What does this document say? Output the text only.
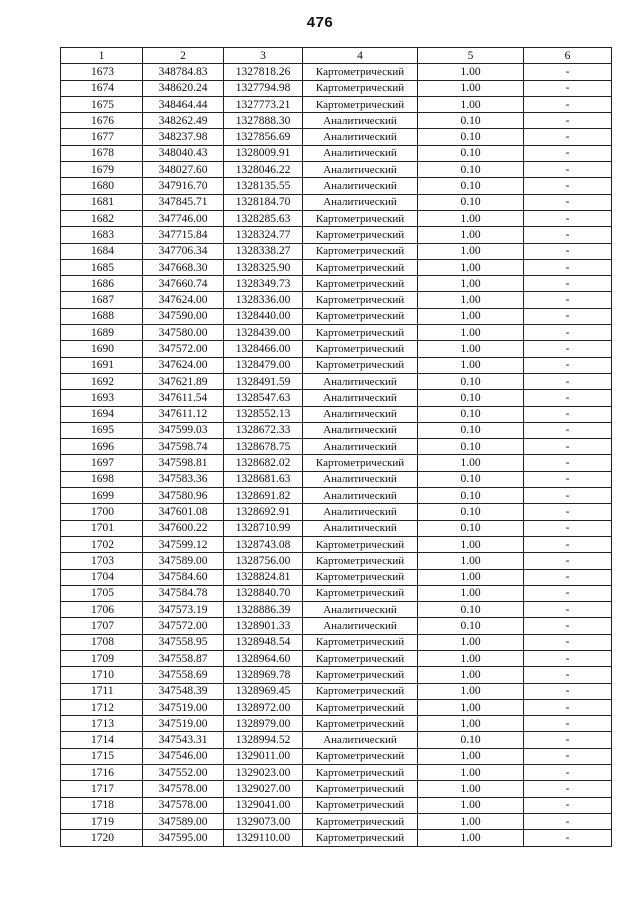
476
1	2	3	4	5	6
1673	348784.83	1327818.26	Картометрический	1.00	-
1674	348620.24	1327794.98	Картометрический	1.00	-
1675	348464.44	1327773.21	Картометрический	1.00	-
1676	348262.49	1327888.30	Аналитический	0.10	-
1677	348237.98	1327856.69	Аналитический	0.10	-
1678	348040.43	1328009.91	Аналитический	0.10	-
1679	348027.60	1328046.22	Аналитический	0.10	-
1680	347916.70	1328135.55	Аналитический	0.10	-
1681	347845.71	1328184.70	Аналитический	0.10	-
1682	347746.00	1328285.63	Картометрический	1.00	-
1683	347715.84	1328324.77	Картометрический	1.00	-
1684	347706.34	1328338.27	Картометрический	1.00	-
1685	347668.30	1328325.90	Картометрический	1.00	-
1686	347660.74	1328349.73	Картометрический	1.00	-
1687	347624.00	1328336.00	Картометрический	1.00	-
1688	347590.00	1328440.00	Картометрический	1.00	-
1689	347580.00	1328439.00	Картометрический	1.00	-
1690	347572.00	1328466.00	Картометрический	1.00	-
1691	347624.00	1328479.00	Картометрический	1.00	-
1692	347621.89	1328491.59	Аналитический	0.10	-
1693	347611.54	1328547.63	Аналитический	0.10	-
1694	347611.12	1328552.13	Аналитический	0.10	-
1695	347599.03	1328672.33	Аналитический	0.10	-
1696	347598.74	1328678.75	Аналитический	0.10	-
1697	347598.81	1328682.02	Картометрический	1.00	-
1698	347583.36	1328681.63	Аналитический	0.10	-
1699	347580.96	1328691.82	Аналитический	0.10	-
1700	347601.08	1328692.91	Аналитический	0.10	-
1701	347600.22	1328710.99	Аналитический	0.10	-
1702	347599.12	1328743.08	Картометрический	1.00	-
1703	347589.00	1328756.00	Картометрический	1.00	-
1704	347584.60	1328824.81	Картометрический	1.00	-
1705	347584.78	1328840.70	Картометрический	1.00	-
1706	347573.19	1328886.39	Аналитический	0.10	-
1707	347572.00	1328901.33	Аналитический	0.10	-
1708	347558.95	1328948.54	Картометрический	1.00	-
1709	347558.87	1328964.60	Картометрический	1.00	-
1710	347558.69	1328969.78	Картометрический	1.00	-
1711	347548.39	1328969.45	Картометрический	1.00	-
1712	347519.00	1328972.00	Картометрический	1.00	-
1713	347519.00	1328979.00	Картометрический	1.00	-
1714	347543.31	1328994.52	Аналитический	0.10	-
1715	347546.00	1329011.00	Картометрический	1.00	-
1716	347552.00	1329023.00	Картометрический	1.00	-
1717	347578.00	1329027.00	Картометрический	1.00	-
1718	347578.00	1329041.00	Картометрический	1.00	-
1719	347589.00	1329073.00	Картометрический	1.00	-
1720	347595.00	1329110.00	Картометрический	1.00	-
